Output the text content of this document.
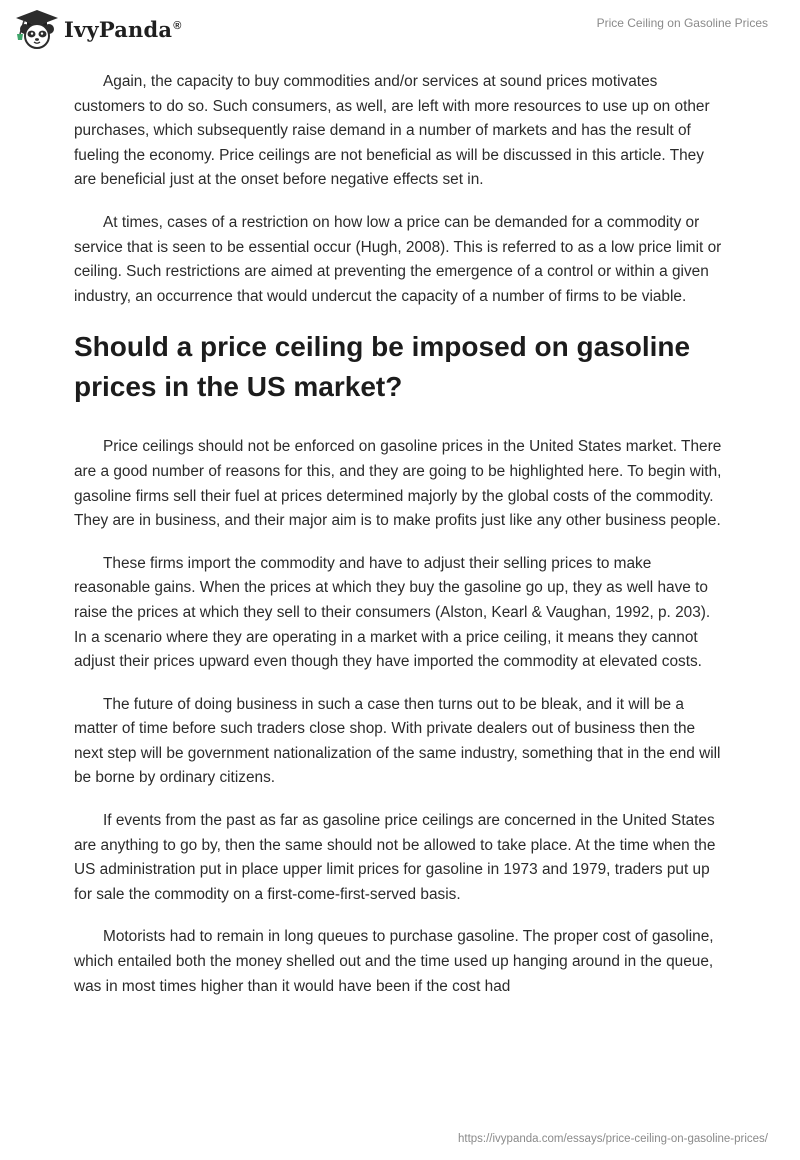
IvyPanda®	Price Ceiling on Gasoline Prices

Again, the capacity to buy commodities and/or services at sound prices motivates customers to do so. Such consumers, as well, are left with more resources to use up on other purchases, which subsequently raise demand in a number of markets and has the result of fueling the economy. Price ceilings are not beneficial as will be discussed in this article. They are beneficial just at the onset before negative effects set in.

At times, cases of a restriction on how low a price can be demanded for a commodity or service that is seen to be essential occur (Hugh, 2008). This is referred to as a low price limit or ceiling. Such restrictions are aimed at preventing the emergence of a control or within a given industry, an occurrence that would undercut the capacity of a number of firms to be viable.

Should a price ceiling be imposed on gasoline prices in the US market?

Price ceilings should not be enforced on gasoline prices in the United States market. There are a good number of reasons for this, and they are going to be highlighted here. To begin with, gasoline firms sell their fuel at prices determined majorly by the global costs of the commodity. They are in business, and their major aim is to make profits just like any other business people.

These firms import the commodity and have to adjust their selling prices to make reasonable gains. When the prices at which they buy the gasoline go up, they as well have to raise the prices at which they sell to their consumers (Alston, Kearl & Vaughan, 1992, p. 203). In a scenario where they are operating in a market with a price ceiling, it means they cannot adjust their prices upward even though they have imported the commodity at elevated costs.

The future of doing business in such a case then turns out to be bleak, and it will be a matter of time before such traders close shop. With private dealers out of business then the next step will be government nationalization of the same industry, something that in the end will be borne by ordinary citizens.

If events from the past as far as gasoline price ceilings are concerned in the United States are anything to go by, then the same should not be allowed to take place. At the time when the US administration put in place upper limit prices for gasoline in 1973 and 1979, traders put up for sale the commodity on a first-come-first-served basis.

Motorists had to remain in long queues to purchase gasoline. The proper cost of gasoline, which entailed both the money shelled out and the time used up hanging around in the queue, was in most times higher than it would have been if the cost had

https://ivypanda.com/essays/price-ceiling-on-gasoline-prices/
